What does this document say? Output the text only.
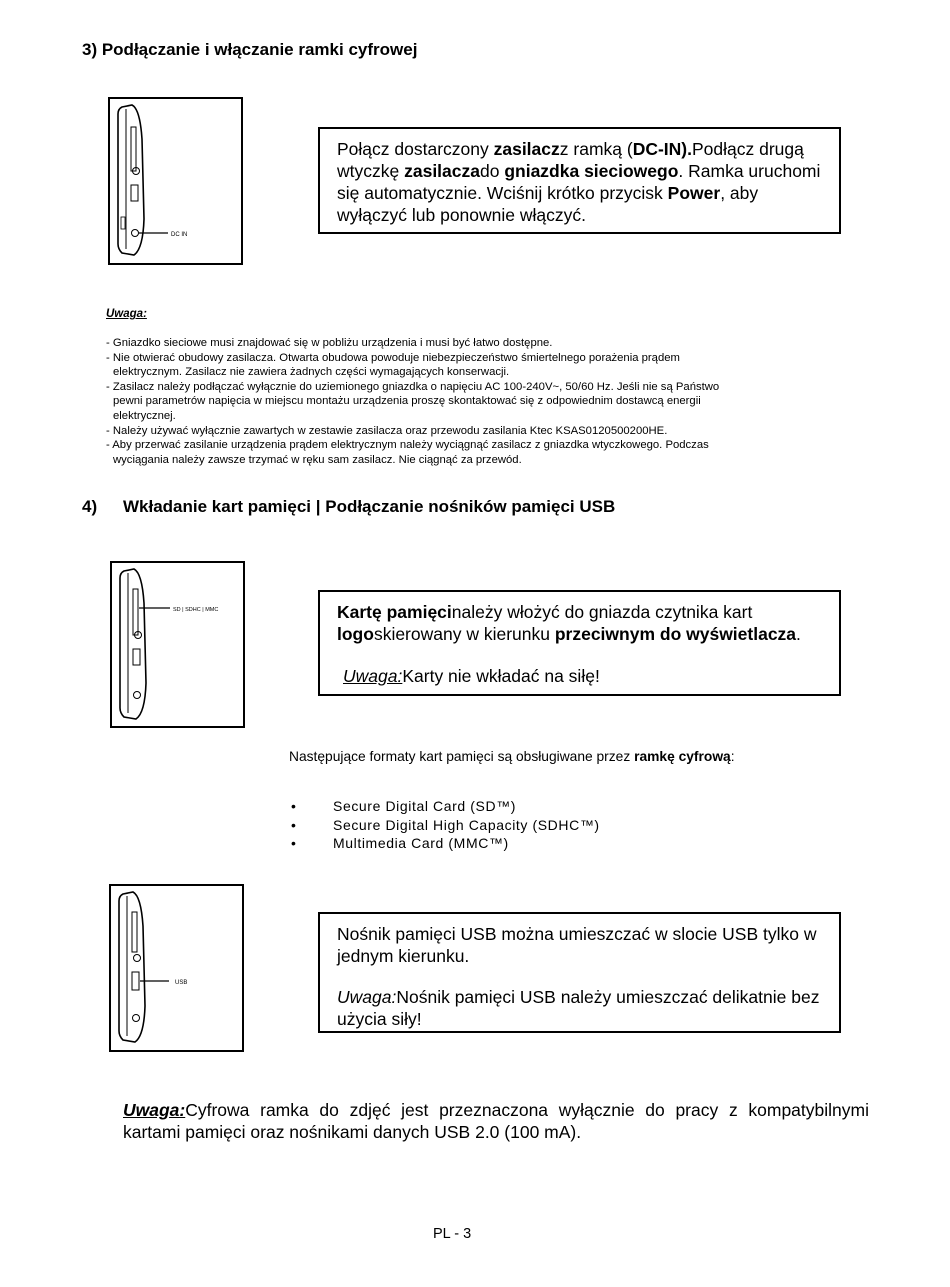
3) Podłączanie i włączanie ramki cyfrowej
DC IN
Połącz dostarczony zasilaczz ramką (DC-IN).Podłącz drugą wtyczkę zasilaczado gniazdka sieciowego. Ramka uruchomi się automatycznie. Wciśnij krótko przycisk Power, aby wyłączyć lub ponownie włączyć.
Uwaga:
- Gniazdko sieciowe musi znajdować się w pobliżu urządzenia i musi być łatwo dostępne.
- Nie otwierać obudowy zasilacza. Otwarta obudowa powoduje niebezpieczeństwo śmiertelnego porażenia prądem
elektrycznym. Zasilacz nie zawiera żadnych części wymagających konserwacji.
- Zasilacz należy podłączać wyłącznie do uziemionego gniazdka o napięciu AC 100-240V~, 50/60 Hz. Jeśli nie są Państwo
pewni parametrów napięcia w miejscu montażu urządzenia proszę skontaktować się z odpowiednim dostawcą energii
elektrycznej.
- Należy używać wyłącznie zawartych w zestawie zasilacza oraz przewodu zasilania Ktec KSAS0120500200HE.
- Aby przerwać zasilanie urządzenia prądem elektrycznym należy wyciągnąć zasilacz z gniazdka wtyczkowego. Podczas
wyciągania należy zawsze trzymać w ręku sam zasilacz. Nie ciągnąć za przewód.
4) Wkładanie kart pamięci | Podłączanie nośników pamięci USB
SD | SDHC | MMC	Kartę pamięcinależy włożyć do gniazda czytnika kart logoskierowany w kierunku przeciwnym do wyświetlacza.
Uwaga:Karty nie wkładać na siłę!
Następujące formaty kart pamięci są obsługiwane przez ramkę cyfrową:
• Secure Digital Card (SD™)
• Secure Digital High Capacity (SDHC™)
• Multimedia Card (MMC™)
USB
Nośnik pamięci USB można umieszczać w slocie USB tylko w jednym kierunku.
Uwaga:Nośnik pamięci USB należy umieszczać delikatnie bez użycia siły!
Uwaga:Cyfrowa ramka do zdjęć jest przeznaczona wyłącznie do pracy z kompatybilnymi kartami pamięci oraz nośnikami danych USB 2.0 (100 mA).
PL - 3
